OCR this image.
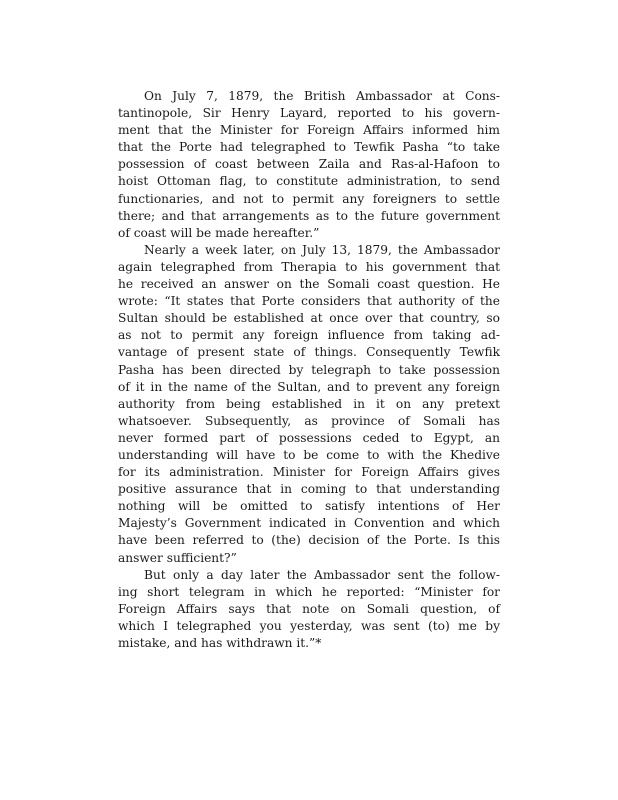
On July 7, 1879, the British Ambassador at Cons-
tantinopole, Sir Henry Layard, reported to his govern-
ment that the Minister for Foreign Affairs informed him
that the Porte had telegraphed to Tewfik Pasha “to take
possession of coast between Zaila and Ras-al-Hafoon to
hoist Ottoman flag, to constitute administration, to send
functionaries, and not to permit any foreigners to settle
there; and that arrangements as to the future government
of coast will be made hereafter.”
Nearly a week later, on July 13, 1879, the Ambassador
again telegraphed from Therapia to his government that
he received an answer on the Somali coast question. He
wrote: “It states that Porte considers that authority of the
Sultan should be established at once over that country, so
as not to permit any foreign influence from taking ad-
vantage of present state of things. Consequently Tewfik
Pasha has been directed by telegraph to take possession
of it in the name of the Sultan, and to prevent any foreign
authority from being established in it on any pretext
whatsoever. Subsequently, as province of Somali has
never formed part of possessions ceded to Egypt, an
understanding will have to be come to with the Khedive
for its administration. Minister for Foreign Affairs gives
positive assurance that in coming to that understanding
nothing will be omitted to satisfy intentions of Her
Majesty’s Government indicated in Convention and which
have been referred to (the) decision of the Porte. Is this
answer sufficient?”
But only a day later the Ambassador sent the follow-
ing short telegram in which he reported: “Minister for
Foreign Affairs says that note on Somali question, of
which I telegraphed you yesterday, was sent (to) me by
mistake, and has withdrawn it.”*
